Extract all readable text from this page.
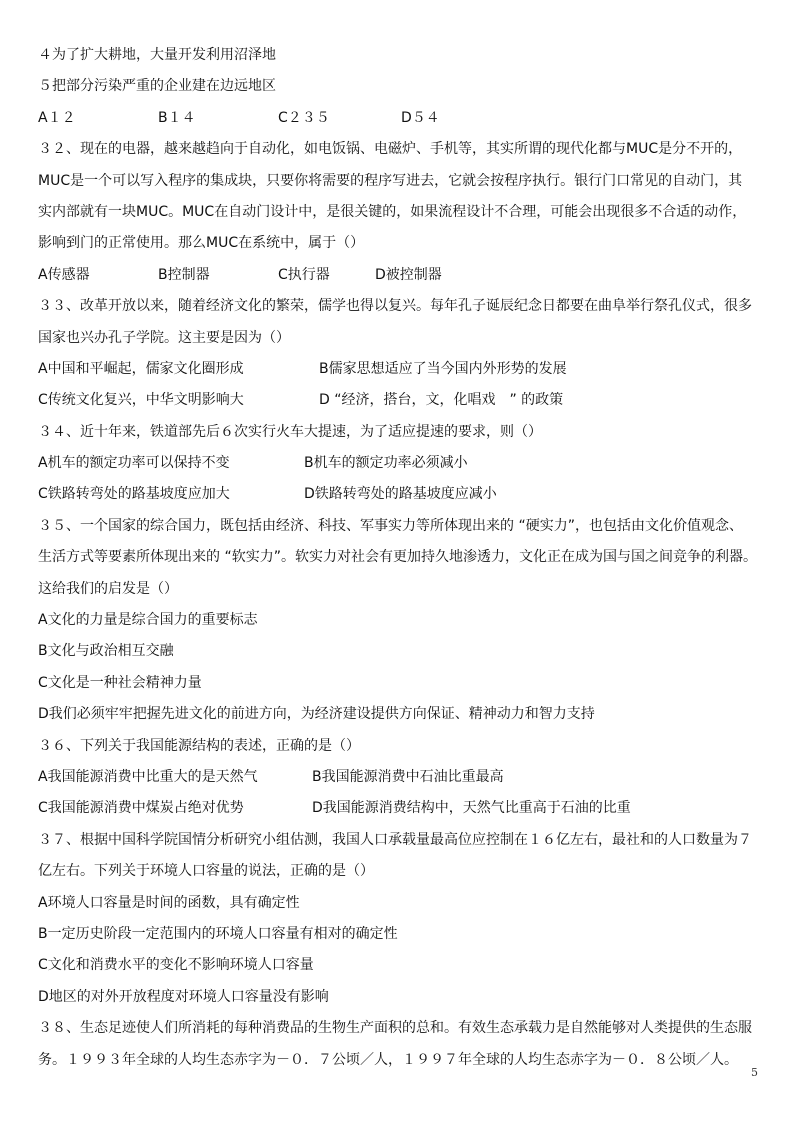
４为了扩大耕地，大量开发利用沼泽地
５把部分污染严重的企业建在边远地区
A１２	B１４	C２３５	D５４
３２、现在的电器，越来越趋向于自动化，如电饭锅、电磁炉、手机等，其实所谓的现代化都与MUC是分不开的，
MUC是一个可以写入程序的集成块，只要你将需要的程序写进去，它就会按程序执行。银行门口常见的自动门，其
实内部就有一块MUC。MUC在自动门设计中，是很关键的，如果流程设计不合理，可能会出现很多不合适的动作，
影响到门的正常使用。那么MUC在系统中，属于（）
A传感器	B控制器	C执行器	D被控制器
３３、改革开放以来，随着经济文化的繁荣，儒学也得以复兴。每年孔子诞辰纪念日都要在曲阜举行祭孔仪式，很多
国家也兴办孔子学院。这主要是因为（）
A中国和平崛起，儒家文化圈形成	B儒家思想适应了当今国内外形势的发展
C传统文化复兴，中华文明影响大	D “经济，搭台，文，化唱戏　” 的政策
３４、近十年来，铁道部先后６次实行火车大提速，为了适应提速的要求，则（）
A机车的额定功率可以保持不变	B机车的额定功率必须减小
C铁路转弯处的路基坡度应加大	D铁路转弯处的路基坡度应减小
３５、一个国家的综合国力，既包括由经济、科技、军事实力等所体现出来的 “硬实力”，也包括由文化价值观念、
生活方式等要素所体现出来的 “软实力”。软实力对社会有更加持久地渗透力，文化正在成为国与国之间竞争的利器。
这给我们的启发是（）
A文化的力量是综合国力的重要标志
B文化与政治相互交融
C文化是一种社会精神力量
D我们必须牢牢把握先进文化的前进方向，为经济建设提供方向保证、精神动力和智力支持
３６、下列关于我国能源结构的表述，正确的是（）
A我国能源消费中比重大的是天然气	B我国能源消费中石油比重最高
C我国能源消费中煤炭占绝对优势	D我国能源消费结构中，天然气比重高于石油的比重
３７、根据中国科学院国情分析研究小组估测，我国人口承载量最高位应控制在１６亿左右，最社和的人口数量为７
亿左右。下列关于环境人口容量的说法，正确的是（）
A环境人口容量是时间的函数，具有确定性
B一定历史阶段一定范围内的环境人口容量有相对的确定性
C文化和消费水平的变化不影响环境人口容量
D地区的对外开放程度对环境人口容量没有影响
３８、生态足迹使人们所消耗的每种消费品的生物生产面积的总和。有效生态承载力是自然能够对人类提供的生态服
务。１９９３年全球的人均生态赤字为－０．７公顷／人，１９９７年全球的人均生态赤字为－０．８公顷／人。
5
